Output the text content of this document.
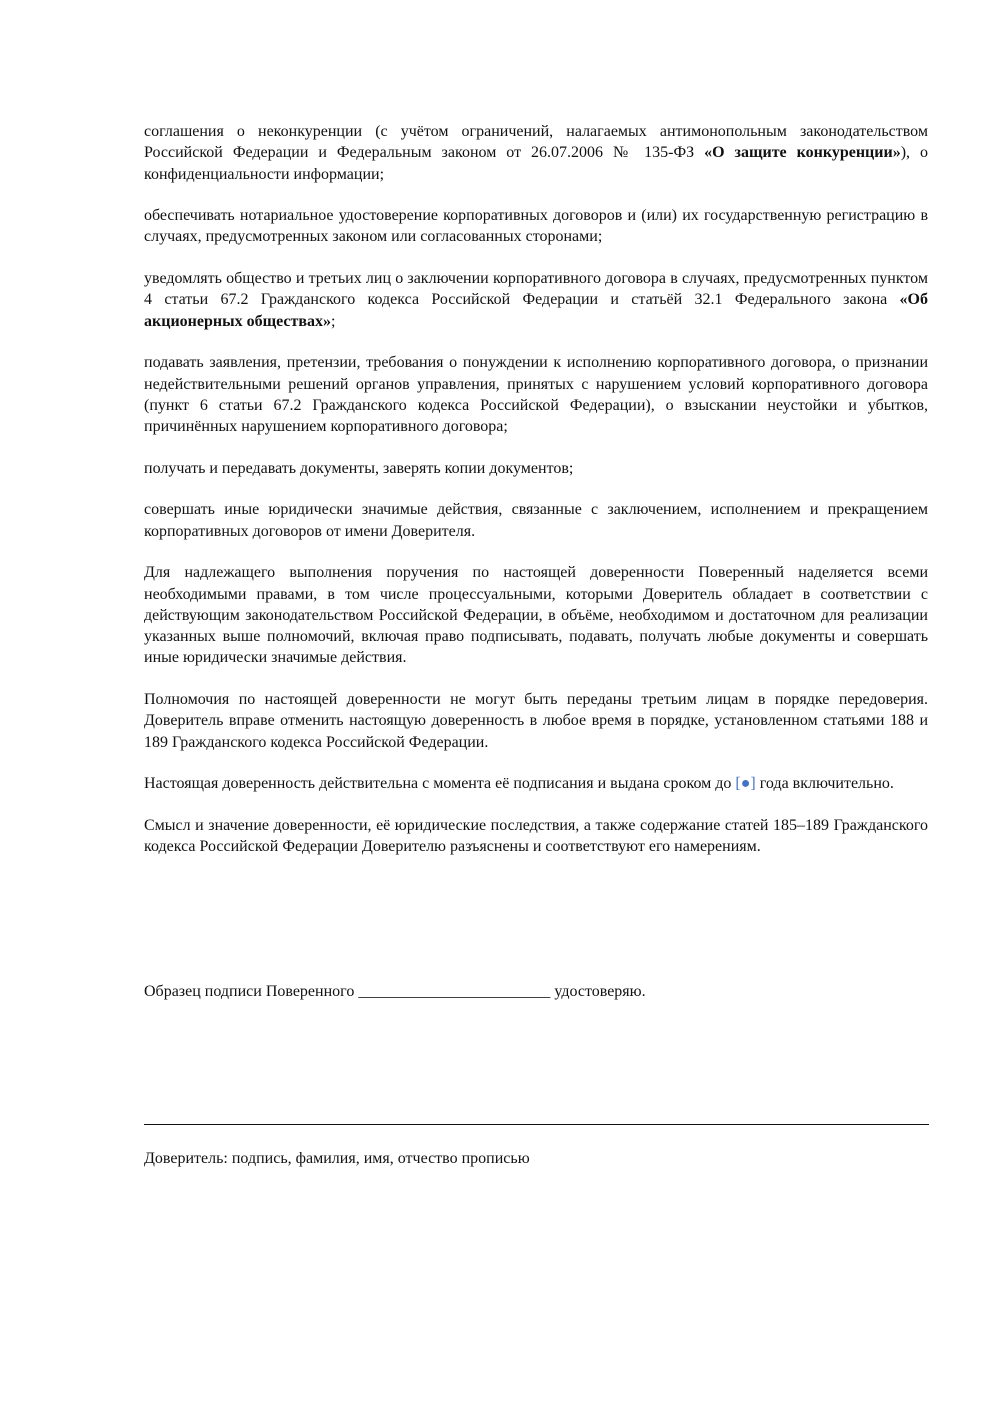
соглашения о неконкуренции (с учётом ограничений, налагаемых антимонопольным законодательством Российской Федерации и Федеральным законом от 26.07.2006 № 135-ФЗ «О защите конкуренции»), о конфиденциальности информации;

обеспечивать нотариальное удостоверение корпоративных договоров и (или) их государственную регистрацию в случаях, предусмотренных законом или согласованных сторонами;

уведомлять общество и третьих лиц о заключении корпоративного договора в случаях, предусмотренных пунктом 4 статьи 67.2 Гражданского кодекса Российской Федерации и статьёй 32.1 Федерального закона «Об акционерных обществах»;

подавать заявления, претензии, требования о понуждении к исполнению корпоративного договора, о признании недействительными решений органов управления, принятых с нарушением условий корпоративного договора (пункт 6 статьи 67.2 Гражданского кодекса Российской Федерации), о взыскании неустойки и убытков, причинённых нарушением корпоративного договора;

получать и передавать документы, заверять копии документов;

совершать иные юридически значимые действия, связанные с заключением, исполнением и прекращением корпоративных договоров от имени Доверителя.

Для надлежащего выполнения поручения по настоящей доверенности Поверенный наделяется всеми необходимыми правами, в том числе процессуальными, которыми Доверитель обладает в соответствии с действующим законодательством Российской Федерации, в объёме, необходимом и достаточном для реализации указанных выше полномочий, включая право подписывать, подавать, получать любые документы и совершать иные юридически значимые действия.

Полномочия по настоящей доверенности не могут быть переданы третьим лицам в порядке передоверия. Доверитель вправе отменить настоящую доверенность в любое время в порядке, установленном статьями 188 и 189 Гражданского кодекса Российской Федерации.

Настоящая доверенность действительна с момента её подписания и выдана сроком до [●] года включительно.

Смысл и значение доверенности, её юридические последствия, а также содержание статей 185–189 Гражданского кодекса Российской Федерации Доверителю разъяснены и соответствуют его намерениям.

Образец подписи Поверенного ________________________ удостоверяю.
Доверитель: подпись, фамилия, имя, отчество прописью
